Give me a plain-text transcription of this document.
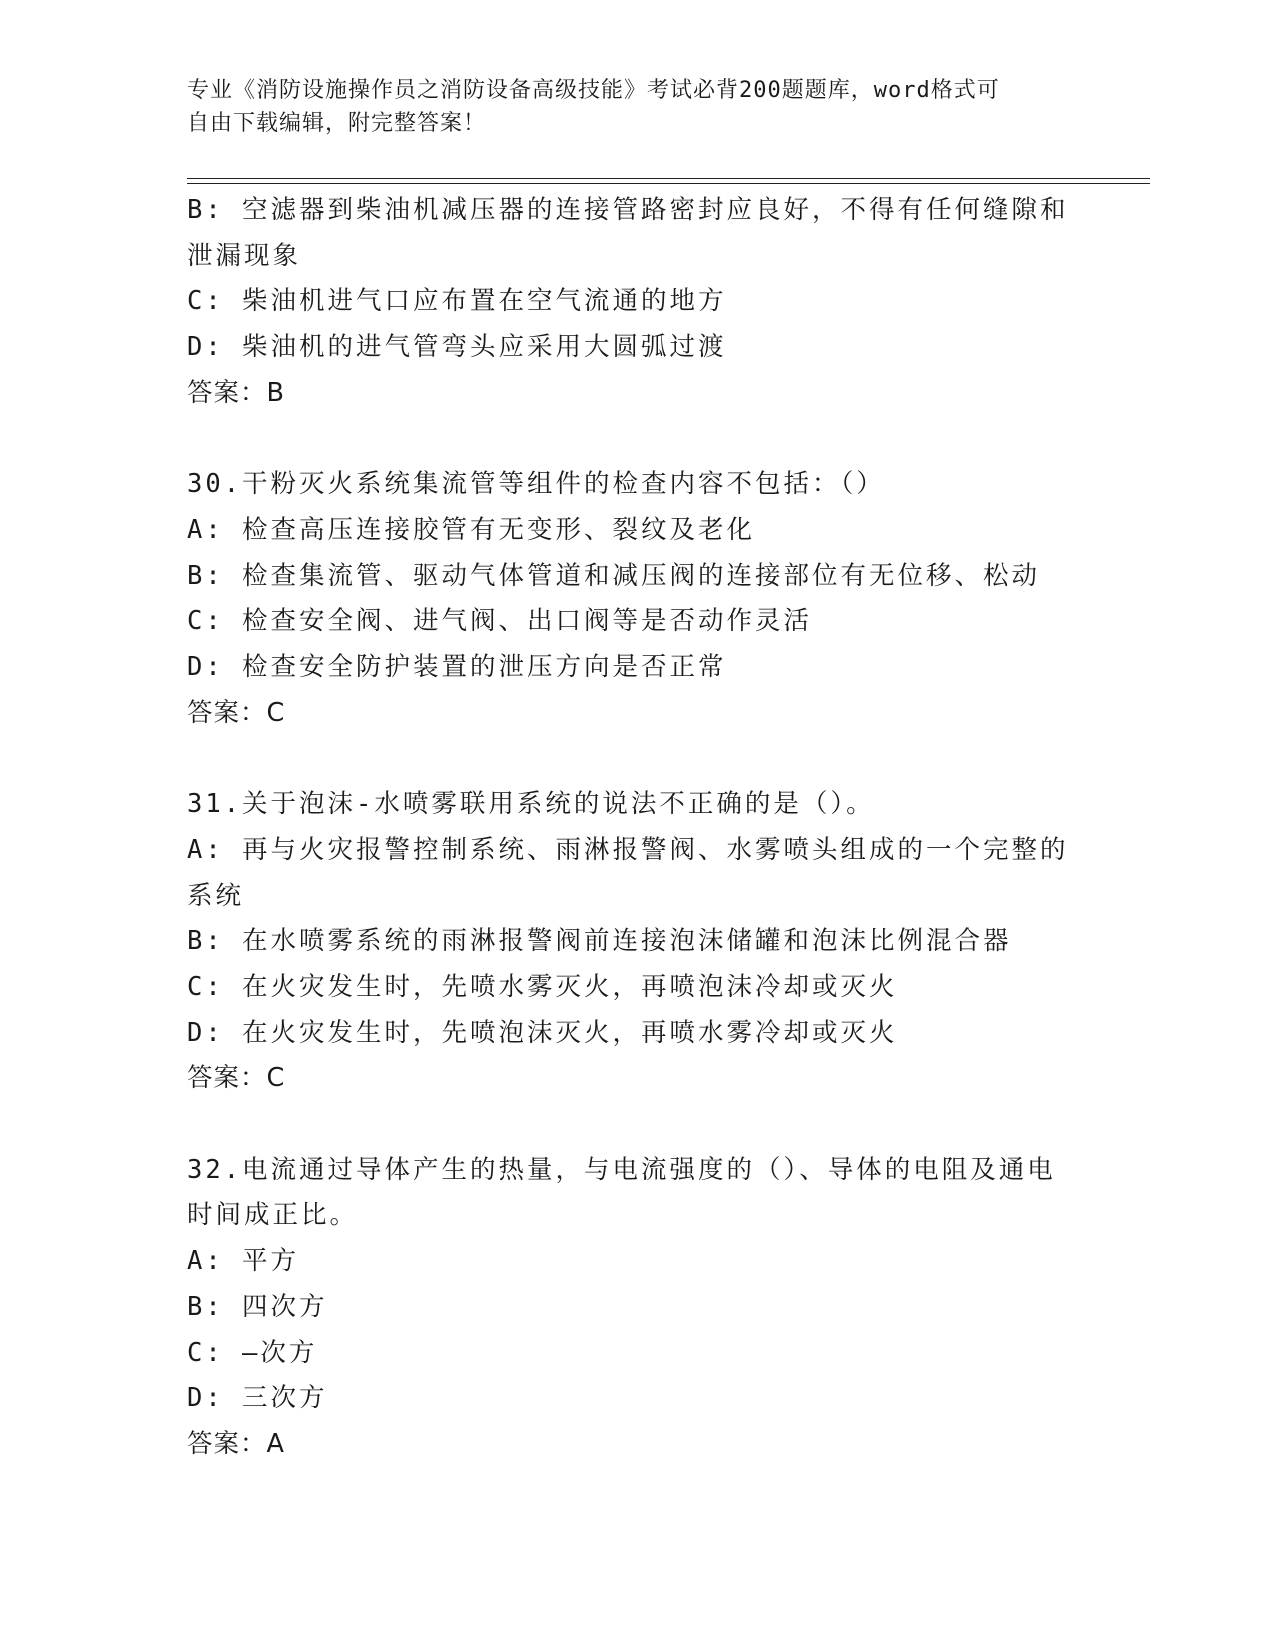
专业《消防设施操作员之消防设备高级技能》考试必背200题题库，word格式可
自由下载编辑，附完整答案！
B: 空滤器到柴油机减压器的连接管路密封应良好，不得有任何缝隙和
泄漏现象
C: 柴油机进气口应布置在空气流通的地方
D: 柴油机的进气管弯头应采用大圆弧过渡
答案：B
30.干粉灭火系统集流管等组件的检查内容不包括：（）
A: 检查高压连接胶管有无变形、裂纹及老化
B: 检查集流管、驱动气体管道和减压阀的连接部位有无位移、松动
C: 检查安全阀、进气阀、出口阀等是否动作灵活
D: 检查安全防护装置的泄压方向是否正常
答案：C
31.关于泡沫-水喷雾联用系统的说法不正确的是（）。
A: 再与火灾报警控制系统、雨淋报警阀、水雾喷头组成的一个完整的
系统
B: 在水喷雾系统的雨淋报警阀前连接泡沫储罐和泡沫比例混合器
C: 在火灾发生时，先喷水雾灭火，再喷泡沫冷却或灭火
D: 在火灾发生时，先喷泡沫灭火，再喷水雾冷却或灭火
答案：C
32.电流通过导体产生的热量，与电流强度的（）、导体的电阻及通电
时间成正比。
A: 平方
B: 四次方
C: —次方
D: 三次方
答案：A
